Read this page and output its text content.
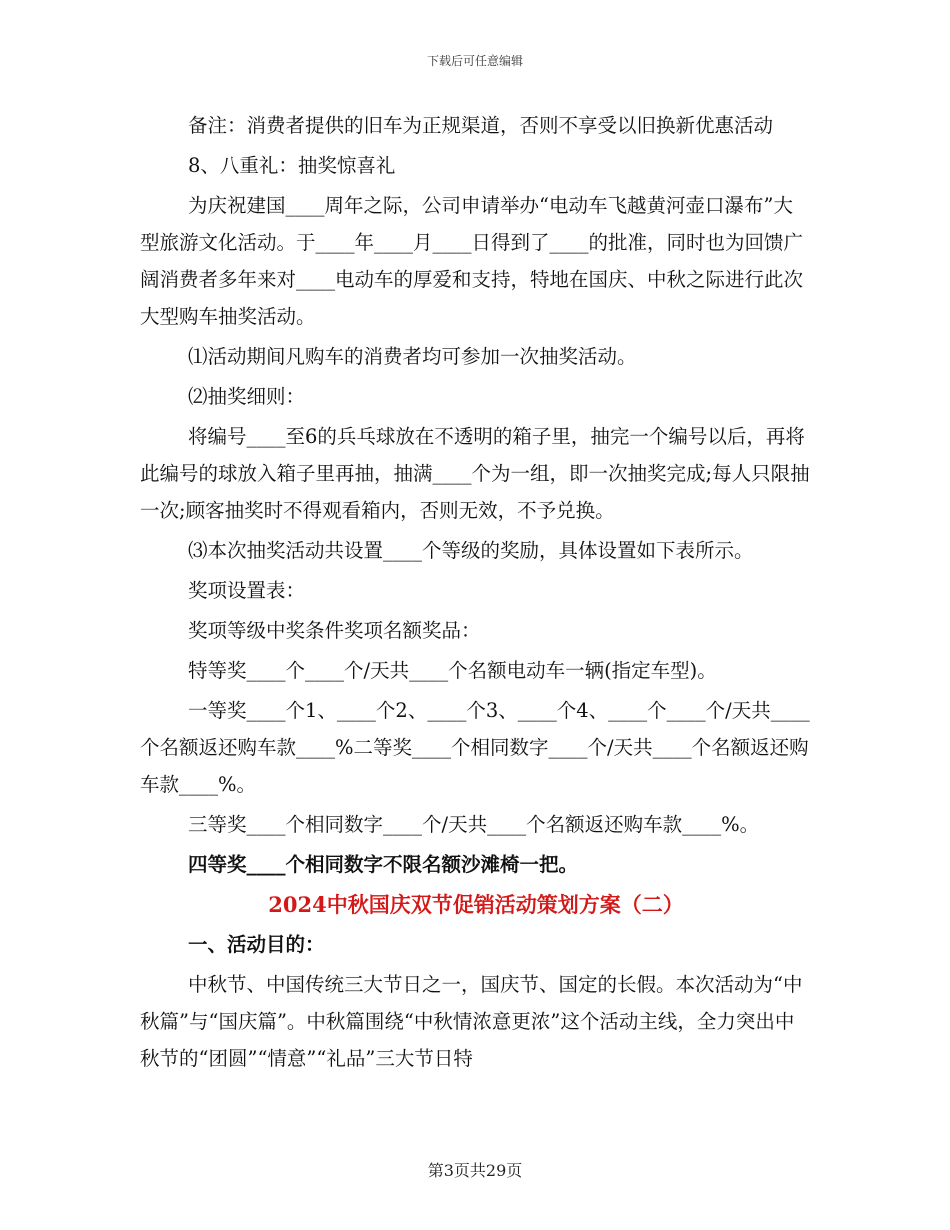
下载后可任意编辑

备注：消费者提供的旧车为正规渠道，否则不享受以旧换新优惠活动

8、八重礼：抽奖惊喜礼

为庆祝建国____周年之际，公司申请举办“电动车飞越黄河壶口瀑布”大型旅游文化活动。于____年____月____日得到了____的批准，同时也为回馈广阔消费者多年来对____电动车的厚爱和支持，特地在国庆、中秋之际进行此次大型购车抽奖活动。

⑴活动期间凡购车的消费者均可参加一次抽奖活动。

⑵抽奖细则：

将编号____至6的兵乓球放在不透明的箱子里，抽完一个编号以后，再将此编号的球放入箱子里再抽，抽满____个为一组，即一次抽奖完成;每人只限抽一次;顾客抽奖时不得观看箱内，否则无效，不予兑换。

⑶本次抽奖活动共设置____个等级的奖励，具体设置如下表所示。

奖项设置表：

奖项等级中奖条件奖项名额奖品：

特等奖____个____个/天共____个名额电动车一辆(指定车型)。

一等奖____个1、____个2、____个3、____个4、____个____个/天共____个名额返还购车款____%二等奖____个相同数字____个/天共____个名额返还购车款____%。

三等奖____个相同数字____个/天共____个名额返还购车款____%。

四等奖____个相同数字不限名额沙滩椅一把。

2024中秋国庆双节促销活动策划方案（二）

一、活动目的：

中秋节、中国传统三大节日之一，国庆节、国定的长假。本次活动为“中秋篇”与“国庆篇”。中秋篇围绕“中秋情浓意更浓”这个活动主线，全力突出中秋节的“团圆”“情意”“礼品”三大节日特

第3页共29页
